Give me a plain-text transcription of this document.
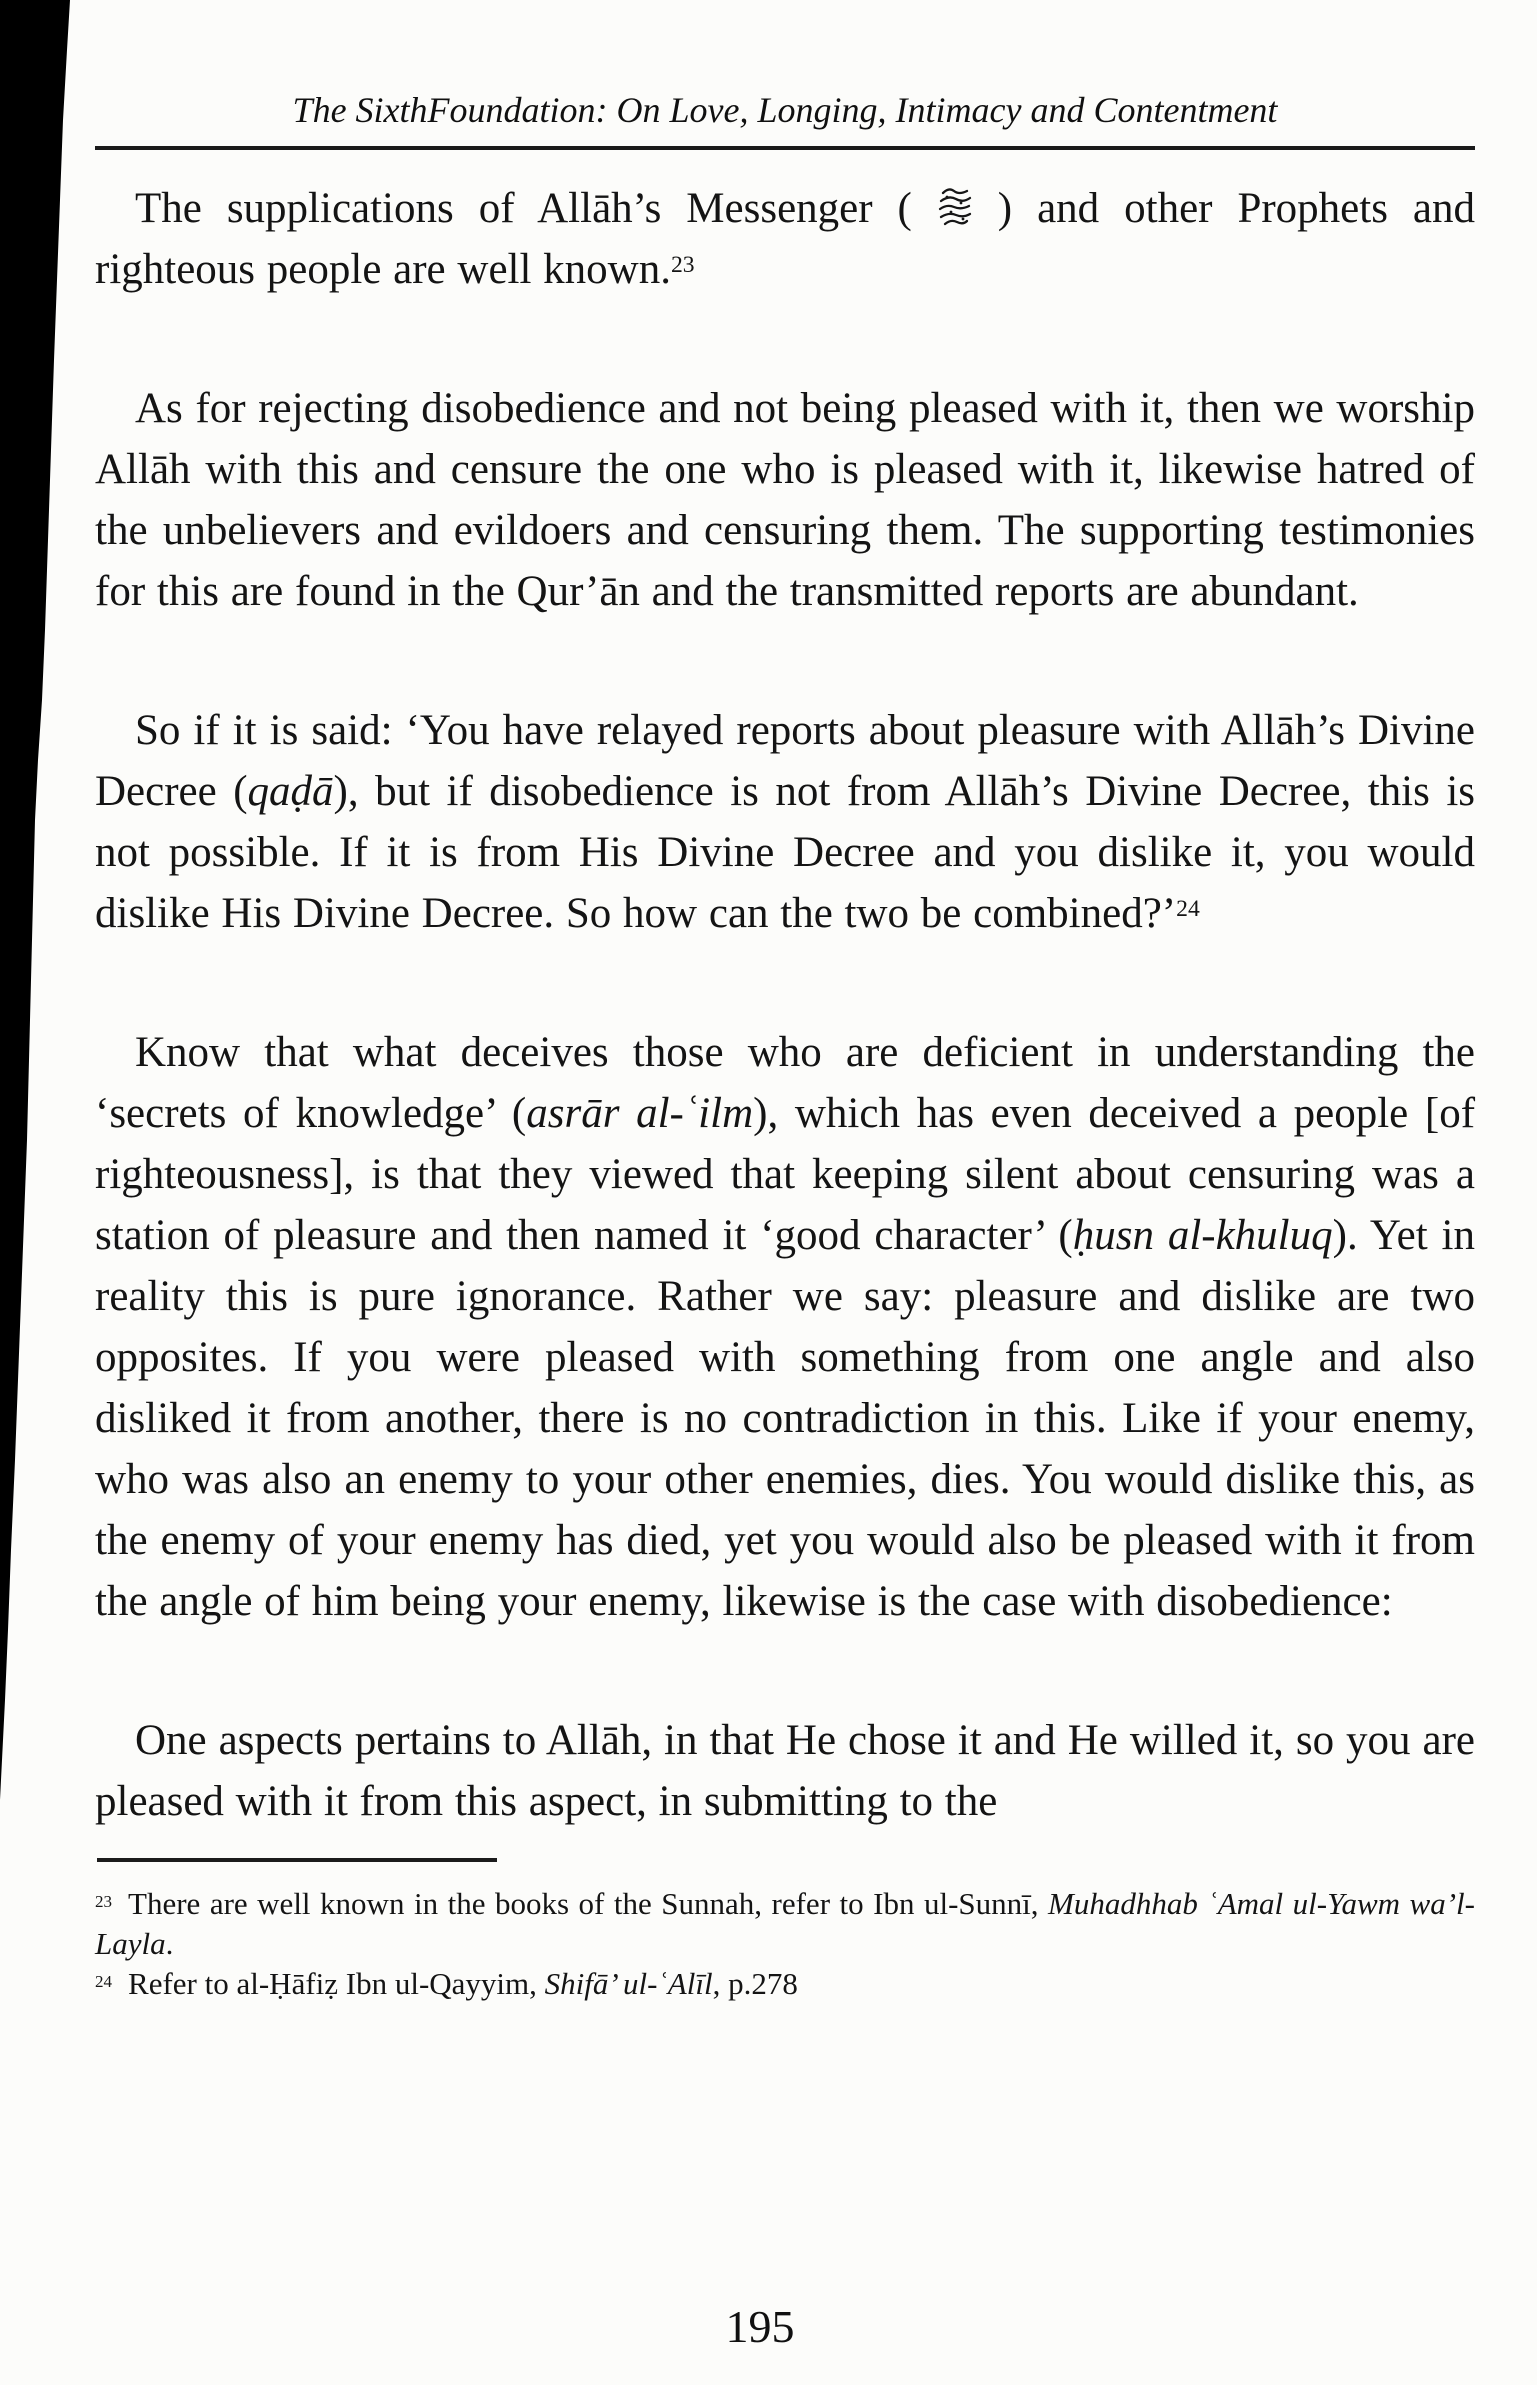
The SixthFoundation: On Love, Longing, Intimacy and Contentment

The supplications of Allāh’s Messenger ( ) and other Prophets and righteous people are well known.$^{23}$

As for rejecting disobedience and not being pleased with it, then we worship Allāh with this and censure the one who is pleased with it, likewise hatred of the unbelievers and evildoers and censuring them. The supporting testimonies for this are found in the Qur’ān and the transmitted reports are abundant.

So if it is said: ‘You have relayed reports about pleasure with Allāh’s Divine Decree (qaḍā), but if disobedience is not from Allāh’s Divine Decree, this is not possible. If it is from His Divine Decree and you dislike it, you would dislike His Divine Decree. So how can the two be combined?’$^{24}$

Know that what deceives those who are deficient in understanding the ‘secrets of knowledge’ (asrār al-ʿilm), which has even deceived a people [of righteousness], is that they viewed that keeping silent about censuring was a station of pleasure and then named it ‘good character’ (ḥusn al-khuluq). Yet in reality this is pure ignorance. Rather we say: pleasure and dislike are two opposites. If you were pleased with something from one angle and also disliked it from another, there is no contradiction in this. Like if your enemy, who was also an enemy to your other enemies, dies. You would dislike this, as the enemy of your enemy has died, yet you would also be pleased with it from the angle of him being your enemy, likewise is the case with disobedience:

One aspects pertains to Allāh, in that He chose it and He willed it, so you are pleased with it from this aspect, in submitting to the

$^{23}$ There are well known in the books of the Sunnah, refer to Ibn ul-Sunnī, Muhadhhab ʿAmal ul-Yawm wa’l-Layla.

$^{24}$ Refer to al-Ḥāfiẓ Ibn ul-Qayyim, Shifā’ ul-ʿAlīl, p.278

195
